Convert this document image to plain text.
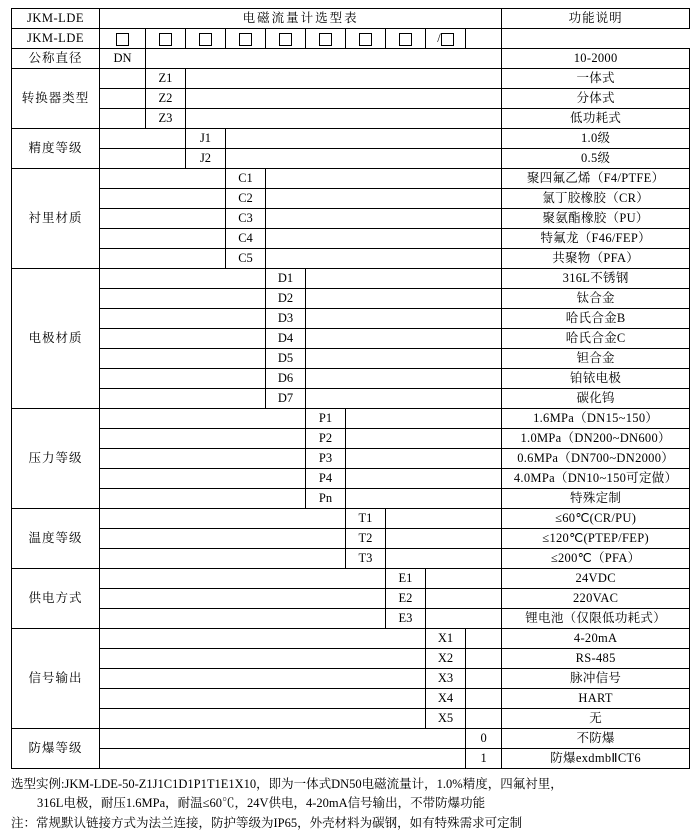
JKM-LDE	电磁流量计选型表										功能说明
JKM-LDE									/		
公称直径	DN										10-2000
转换器类型		Z1									一体式
		Z2									分体式
		Z3									低功耗式
精度等级			J1								1.0级
			J2								0.5级
衬里材质				C1							聚四氟乙烯（F4/PTFE）
				C2							氯丁胶橡胶（CR）
				C3							聚氨酯橡胶（PU）
				C4							特氟龙（F46/FEP）
				C5							共聚物（PFA）
电极材质					D1						316L不锈钢
					D2						钛合金
					D3						哈氏合金B
					D4						哈氏合金C
					D5						钽合金
					D6						铂铱电极
					D7						碳化钨
压力等级						P1					1.6MPa（DN15~150）
						P2					1.0MPa（DN200~DN600）
						P3					0.6MPa（DN700~DN2000）
						P4					4.0MPa（DN10~150可定做）
						Pn					特殊定制
温度等级							T1				≤60℃(CR/PU)
							T2				≤120℃(PTEP/FEP)
							T3				≤200℃（PFA）
供电方式								E1			24VDC
								E2			220VAC
								E3			锂电池（仅限低功耗式）
信号输出									X1		4-20mA
									X2		RS-485
									X3		脉冲信号
									X4		HART
									X5		无
防爆等级										0	不防爆
										1	防爆exdmbⅡCT6
选型实例:JKM-LDE-50-Z1J1C1D1P1T1E1X10，即为一体式DN50电磁流量计，1.0%精度，四氟衬里，
316L电极，耐压1.6MPa，耐温≤60℃，24V供电，4-20mA信号输出，不带防爆功能
注：常规默认链接方式为法兰连接，防护等级为IP65，外壳材料为碳钢，如有特殊需求可定制
